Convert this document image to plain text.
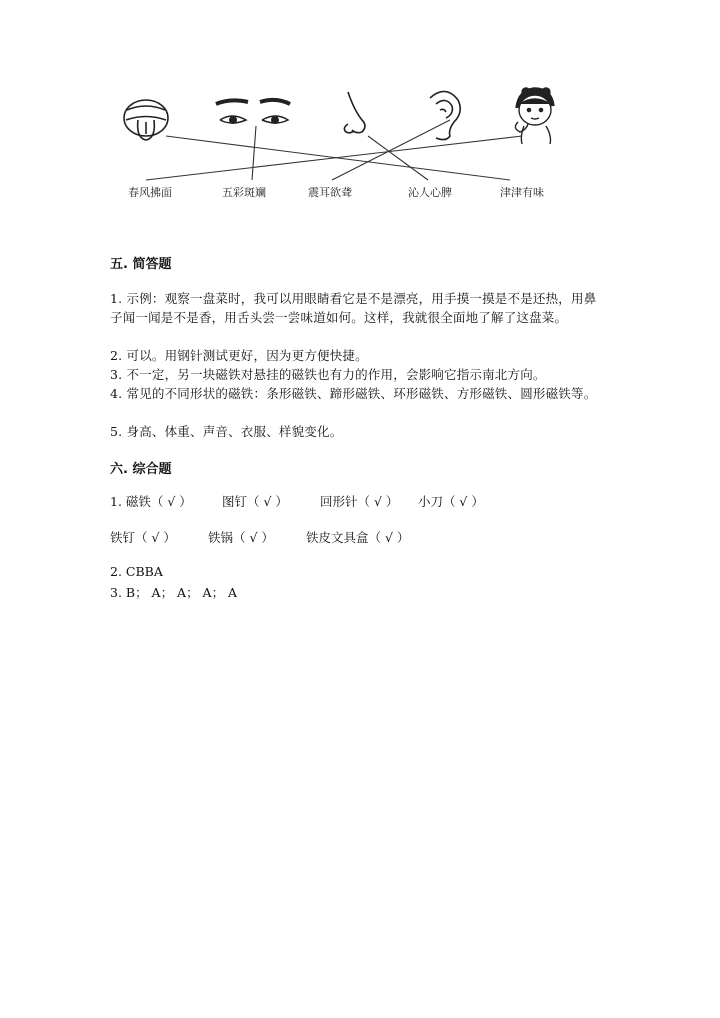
春风拂面	五彩斑斓	震耳欲聋	沁人心脾	津津有味
五. 简答题

1. 示例：观察一盘菜时，我可以用眼睛看它是不是漂亮，用手摸一摸是不是还热，用鼻子闻一闻是不是香，用舌头尝一尝味道如何。这样，我就很全面地了解了这盘菜。

2. 可以。用钢针测试更好，因为更方便快捷。

3. 不一定，另一块磁铁对悬挂的磁铁也有力的作用，会影响它指示南北方向。

4. 常见的不同形状的磁铁：条形磁铁、蹄形磁铁、环形磁铁、方形磁铁、圆形磁铁等。

5. 身高、体重、声音、衣服、样貌变化。

六. 综合题
1. 磁铁（ √ ） 图钉（ √ ）	回形针（ √ ） 小刀（ √ ）
铁钉（ √ ）	铁锅（ √ ）	铁皮文具盒（ √ ）
2. CBBA
3. B； A； A； A； A
